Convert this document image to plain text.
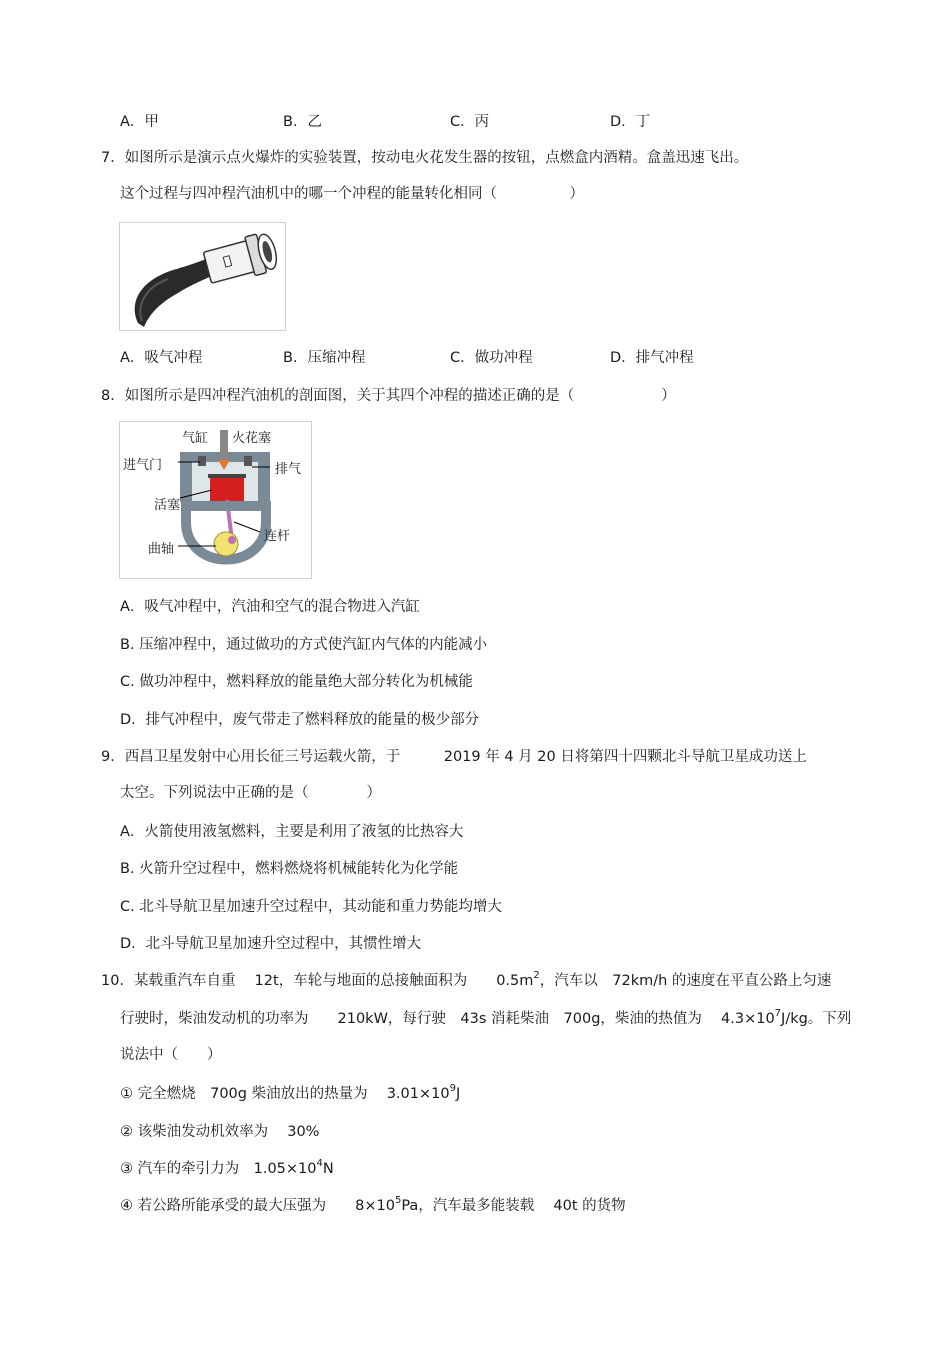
A．甲	B．乙	C．丙	D．丁
7．如图所示是演示点火爆炸的实验装置，按动电火花发生器的按钮，点燃盒内酒精。盒盖迅速飞出。
这个过程与四冲程汽油机中的哪一个冲程的能量转化相同（　　　　　）
A．吸气冲程	B．压缩冲程	C．做功冲程	D．排气冲程
8．如图所示是四冲程汽油机的剖面图，关于其四个冲程的描述正确的是（　　　　　　）
气缸 火花塞
进气门	排气
活塞
连杆
曲轴
A．吸气冲程中，汽油和空气的混合物进入汽缸
B. 压缩冲程中，通过做功的方式使汽缸内气体的内能减小
C. 做功冲程中，燃料释放的能量绝大部分转化为机械能
D．排气冲程中，废气带走了燃料释放的能量的极少部分
9．西昌卫星发射中心用长征三号运载火箭，于　　　2019 年 4 月 20 日将第四十四颗北斗导航卫星成功送上
太空。下列说法中正确的是（　　　　）
A．火箭使用液氢燃料，主要是利用了液氢的比热容大
B. 火箭升空过程中，燃料燃烧将机械能转化为化学能
C. 北斗导航卫星加速升空过程中，其动能和重力势能均增大
D．北斗导航卫星加速升空过程中，其惯性增大
10．某载重汽车自重　 12t，车轮与地面的总接触面积为　　$0.5m^2$，汽车以　72km/h 的速度在平直公路上匀速
行驶时，柴油发动机的功率为　　210kW，每行驶　43s 消耗柴油　700g，柴油的热值为　 $4.3\times 10^7J/kg$。下列
说法中（　　）
① 完全燃烧　700g 柴油放出的热量为　 $3.01\times 10^9J$
② 该柴油发动机效率为　 30%
③ 汽车的牵引力为　$1.05\times 10^4N$
④ 若公路所能承受的最大压强为　　$8\times 10^5Pa$，汽车最多能装载　 40t 的货物
